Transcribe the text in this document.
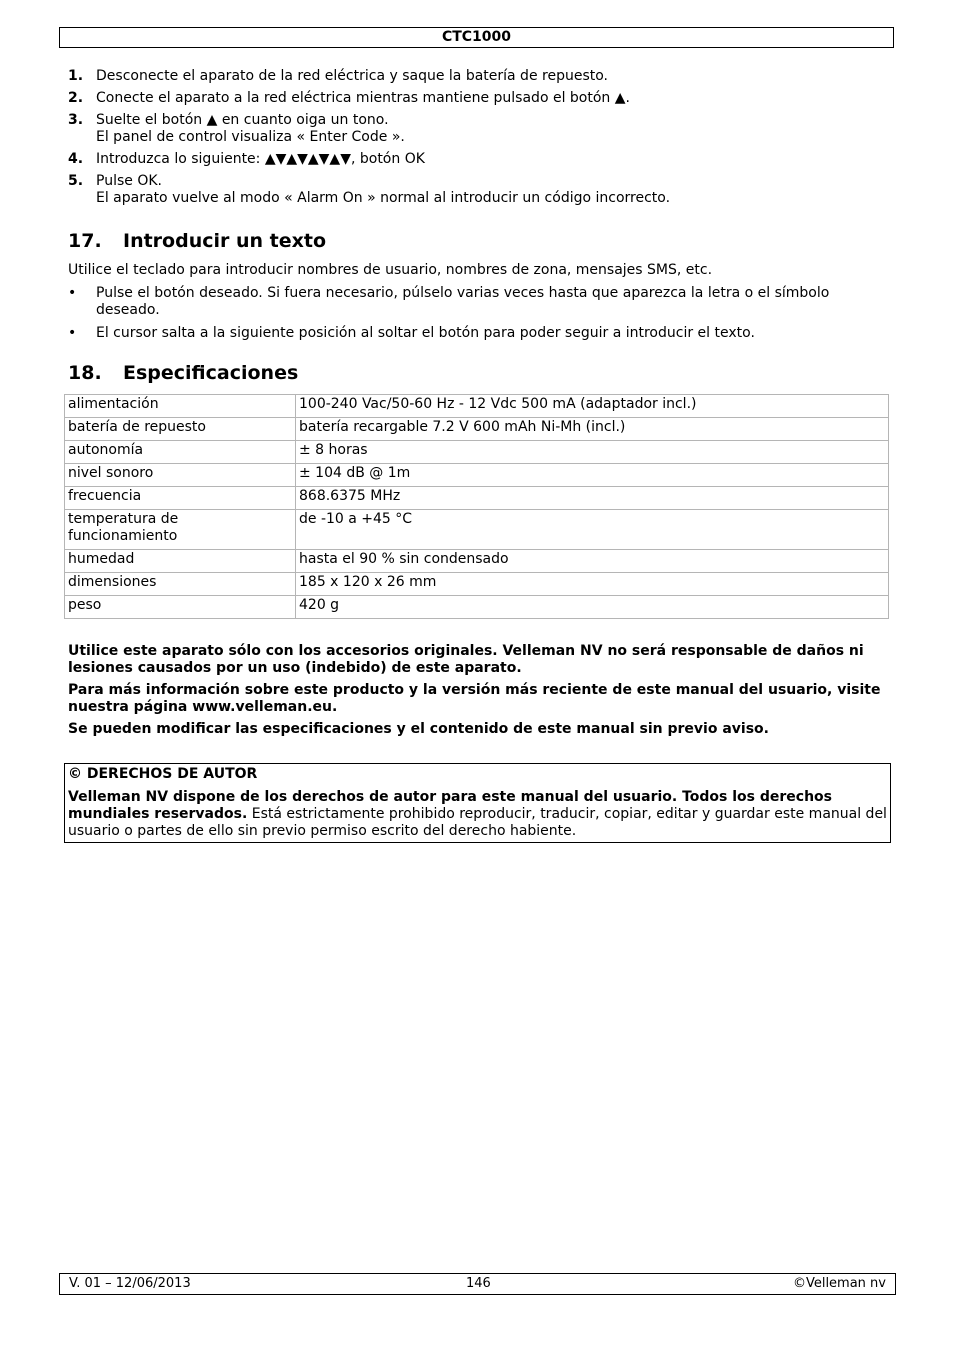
CTC1000
1. Desconecte el aparato de la red eléctrica y saque la batería de repuesto.
2. Conecte el aparato a la red eléctrica mientras mantiene pulsado el botón ▲.
3. Suelte el botón ▲ en cuanto oiga un tono.
El panel de control visualiza « Enter Code ».
4. Introduzca lo siguiente: ▲▼▲▼▲▼▲▼, botón OK
5. Pulse OK.
El aparato vuelve al modo « Alarm On » normal al introducir un código incorrecto.
17. Introducir un texto

Utilice el teclado para introducir nombres de usuario, nombres de zona, mensajes SMS, etc.

• Pulse el botón deseado. Si fuera necesario, púlselo varias veces hasta que aparezca la letra o el símbolo deseado.
• El cursor salta a la siguiente posición al soltar el botón para poder seguir a introducir el texto.
18. Especificaciones
alimentación	100-240 Vac/50-60 Hz - 12 Vdc 500 mA (adaptador incl.)
batería de repuesto	batería recargable 7.2 V 600 mAh Ni-Mh (incl.)
autonomía	± 8 horas
nivel sonoro	± 104 dB @ 1m
frecuencia	868.6375 MHz
temperatura de funcionamiento	de -10 a +45 °C
humedad	hasta el 90 % sin condensado
dimensiones	185 x 120 x 26 mm
peso	420 g

Utilice este aparato sólo con los accesorios originales. Velleman NV no será responsable de daños ni lesiones causados por un uso (indebido) de este aparato.

Para más información sobre este producto y la versión más reciente de este manual del usuario, visite nuestra página www.velleman.eu.

Se pueden modificar las especificaciones y el contenido de este manual sin previo aviso.

© DERECHOS DE AUTOR

Velleman NV dispone de los derechos de autor para este manual del usuario. Todos los derechos mundiales reservados. Está estrictamente prohibido reproducir, traducir, copiar, editar y guardar este manual del usuario o partes de ello sin previo permiso escrito del derecho habiente.

V. 01 – 12/06/2013	146	©Velleman nv
